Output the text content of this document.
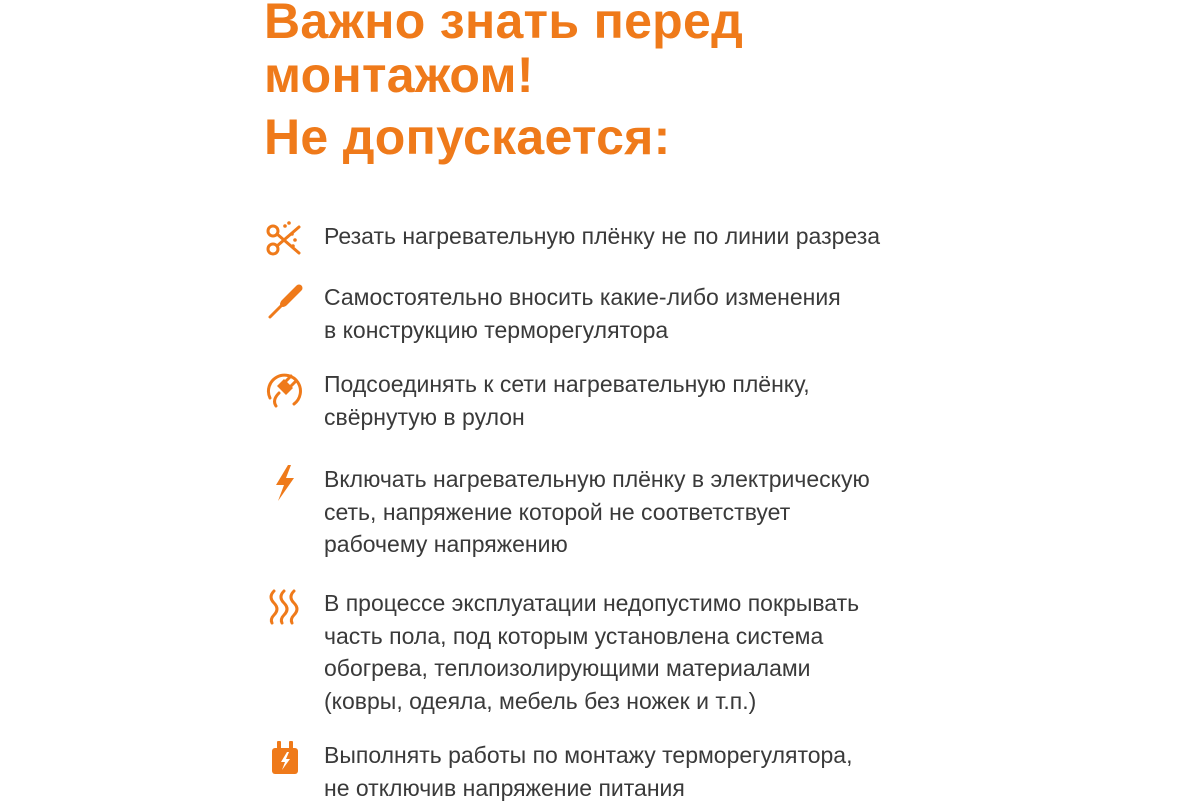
Важно знать перед
монтажом!
Не допускается:
Резать нагревательную плёнку не по линии разреза
Самостоятельно вносить какие-либо изменения
в конструкцию терморегулятора
Подсоединять к сети нагревательную плёнку,
свёрнутую в рулон
Включать нагревательную плёнку в электрическую
сеть, напряжение которой не соответствует
рабочему напряжению
В процессе эксплуатации недопустимо покрывать
часть пола, под которым установлена система
обогрева, теплоизолирующими материалами
(ковры, одеяла, мебель без ножек и т.п.)
Выполнять работы по монтажу терморегулятора,
не отключив напряжение питания
